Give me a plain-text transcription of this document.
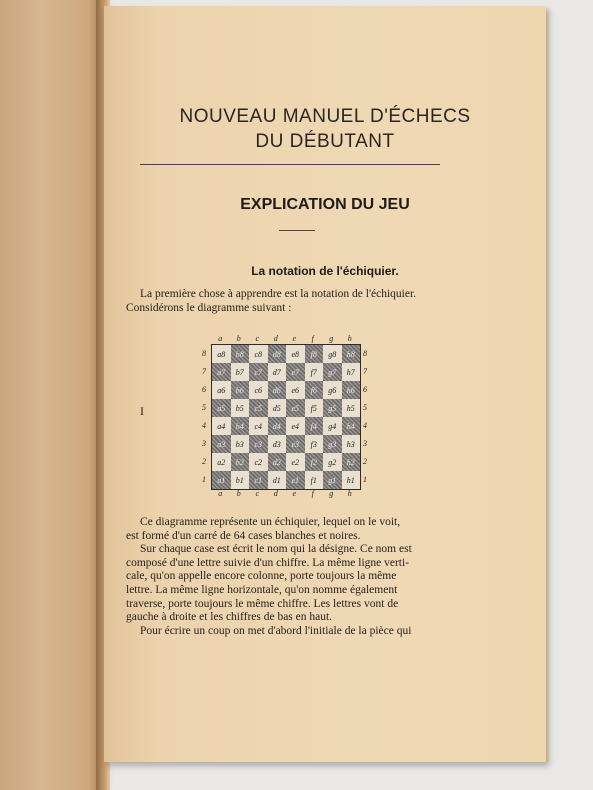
NOUVEAU MANUEL D'ÉCHECS
DU DÉBUTANT
EXPLICATION DU JEU
La notation de l'échiquier.
La première chose à apprendre est la notation de l'échiquier.
Considérons le diagramme suivant :
I
a	b	c	d	e	f	g	h
8
7
6
5
4
3
2
1
a8	b8	c8	d8	e8	f8	g8	h8
a7	b7	c7	d7	e7	f7	g7	h7
a6	b6	c6	d6	e6	f6	g6	h6
a5	b5	c5	d5	e5	f5	g5	h5
a4	b4	c4	d4	e4	f4	g4	h4
a3	b3	c3	d3	e3	f3	g3	h3
a2	b2	c2	d2	e2	f2	g2	h2
a1	b1	c1	d1	e1	f1	g1	h1
8
7
6
5
4
3
2
1
a	b	c	d	e	f	g	h
Ce diagramme représente un échiquier, lequel on le voit,
est formé d'un carré de 64 cases blanches et noires.
Sur chaque case est écrit le nom qui la désigne. Ce nom est
composé d'une lettre suivie d'un chiffre. La même ligne verti-
cale, qu'on appelle encore colonne, porte toujours la même
lettre. La même ligne horizontale, qu'on nomme également
traverse, porte toujours le même chiffre. Les lettres vont de
gauche à droite et les chiffres de bas en haut.
Pour écrire un coup on met d'abord l'initiale de la pièce qui
